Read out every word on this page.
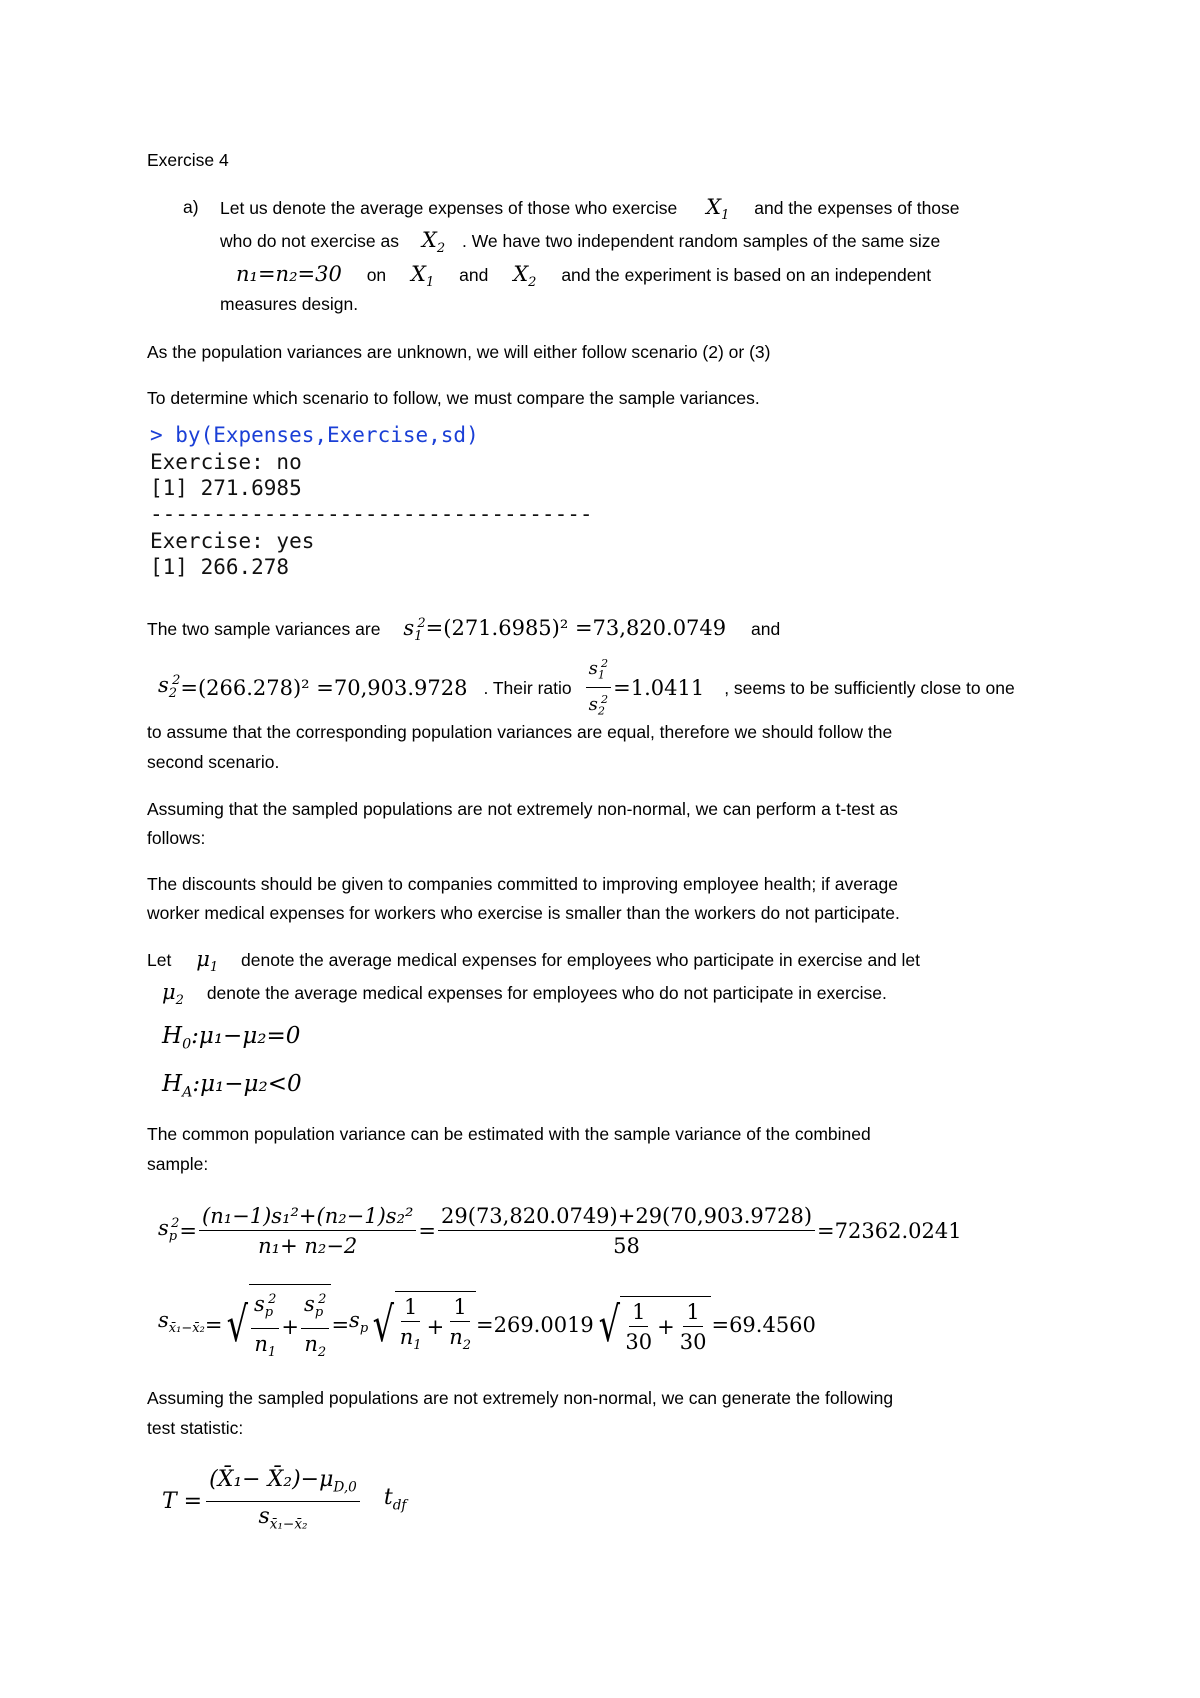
Exercise 4
a) Let us denote the average expenses of those who exercise $X_1$ and the expenses of those
who do not exercise as $X_2$ . We have two independent random samples of the same size
n₁=n₂=30 on $X_1$ and $X_2$ and the experiment is based on an independent
measures design.
As the population variances are unknown, we will either follow scenario (2) or (3)
To determine which scenario to follow, we must compare the sample variances.
> by(Expenses,Exercise,sd)
Exercise: no
[1] 271.6985
-----------------------------------
Exercise: yes
[1] 266.278
The two sample variances are $s_1^2=(271.6985)^2 =73,820.0749$ and
$s_2^2 =(266.278)^2 =70,903.9728$ . Their ratio $\frac{s_1^2}{s_2^2} =1.0411$ , seems to be sufficiently close to one
to assume that the corresponding population variances are equal, therefore we should follow the
second scenario.
Assuming that the sampled populations are not extremely non-normal, we can perform a t-test as
follows:
The discounts should be given to companies committed to improving employee health; if average
worker medical expenses for workers who exercise is smaller than the workers do not participate.
Let $\mu_1$ denote the average medical expenses for employees who participate in exercise and let
$\mu_2$ denote the average medical expenses for employees who do not participate in exercise.
$H_0:\mu_1-\mu_2=0$
$H_A:\mu_1-\mu_2<0$
The common population variance can be estimated with the sample variance of the combined
sample:
$s_p^2 = \frac{\text{(n₁−1)s₁²+(n₂−1)s₂²}}{\text{n₁+ n₂−2}} = \frac{29(73,820.0749)+29(70,903.9728)}{58} =72362.0241$
$s_{x̄_1-x̄_2}$ = √ $\frac{s_p^2}{n_1} + \frac{s_p^2}{n_2} = s_p$ √ $\frac{1}{n_1} + \frac{1}{n_2} =269.0019$ √ $\frac{1}{30} + \frac{1}{30} =69.4560$
Assuming the sampled populations are not extremely non-normal, we can generate the following
test statistic:
$T = \frac{(X̄_1- X̄_2)-\mu_{D,0}}{s_{x̄_1-x̄_2}} t_{df}$
